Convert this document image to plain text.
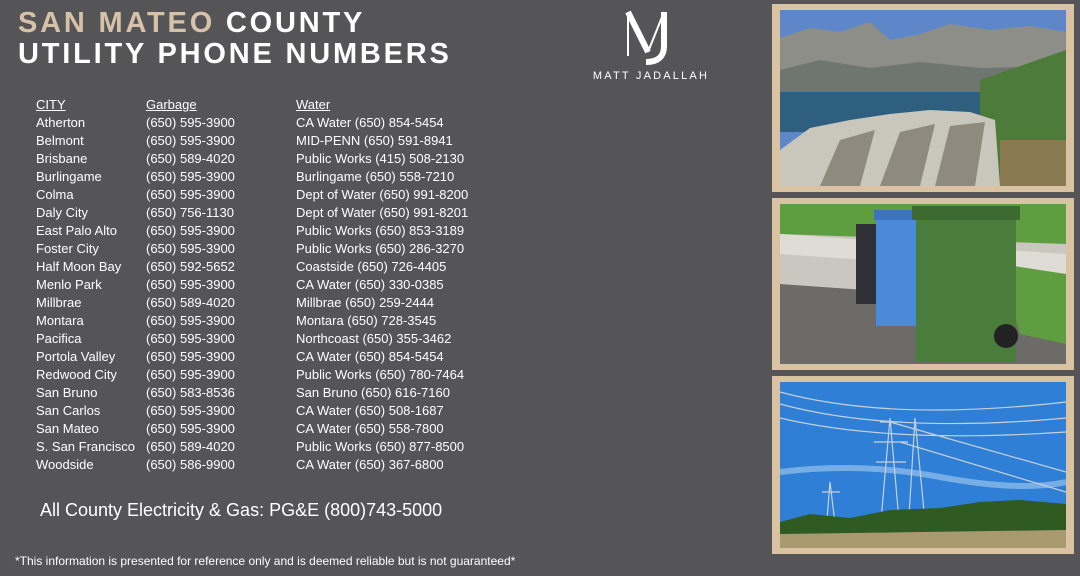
SAN MATEO COUNTY
UTILITY PHONE NUMBERS
MATT JADALLAH
CITY	Garbage	Water
Atherton	(650) 595-3900	CA Water (650) 854-5454
Belmont	(650) 595-3900	MID-PENN (650) 591-8941
Brisbane	(650) 589-4020	Public Works (415) 508-2130
Burlingame	(650) 595-3900	Burlingame (650) 558-7210
Colma	(650) 595-3900	Dept of Water (650) 991-8200
Daly City	(650) 756-1130	Dept of Water (650) 991-8201
East Palo Alto	(650) 595-3900	Public Works (650) 853-3189
Foster City	(650) 595-3900	Public Works (650) 286-3270
Half Moon Bay	(650) 592-5652	Coastside (650) 726-4405
Menlo Park	(650) 595-3900	CA Water (650) 330-0385
Millbrae	(650) 589-4020	Millbrae (650) 259-2444
Montara	(650) 595-3900	Montara (650) 728-3545
Pacifica	(650) 595-3900	Northcoast (650) 355-3462
Portola Valley	(650) 595-3900	CA Water (650) 854-5454
Redwood City	(650) 595-3900	Public Works (650) 780-7464
San Bruno	(650) 583-8536	San Bruno (650) 616-7160
San Carlos	(650) 595-3900	CA Water (650) 508-1687
San Mateo	(650) 595-3900	CA Water (650) 558-7800
S. San Francisco	(650) 589-4020	Public Works (650) 877-8500
Woodside	(650) 586-9900	CA Water (650) 367-6800
All County Electricity & Gas: PG&E (800)743-5000
*This information is presented for reference only and is deemed reliable but is not guaranteed*
